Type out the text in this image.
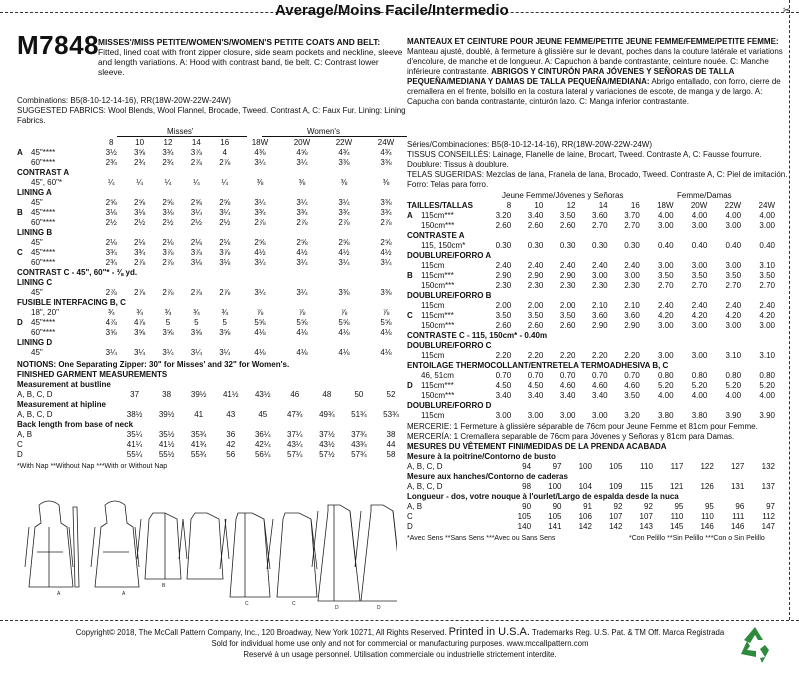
✂
Average/Moins Facile/Intermedio
M7848 MISSES'/MISS PETITE/WOMEN'S/WOMEN'S PETITE COATS AND BELT: Fitted, lined coat with front zipper closure, side seam pockets and neckline, sleeve and length variations. A: Hood with contrast band, tie belt. C: Contrast lower sleeve.
Combinations: B5(8-10-12-14-16), RR(18W-20W-22W-24W)
SUGGESTED FABRICS: Wool Blends, Wool Flannel, Brocade, Tweed. Contrast A, C: Faux Fur. Lining: Lining Fabrics.
Misses'	Women's
		8	10	12	14	16	18W	20W	22W	24W
A	45"****	3½	3⅝	3¾	3⅞	4	4⅜	4⅝	4¾	4¾
	60"****	2¾	2¾	2¾	2⅞	2⅞	3¼	3¼	3⅜	3⅜
CONTRAST A										
	45", 60"*	¼	¼	¼	¼	¼	⅜	⅜	⅜	⅜
LINING A										
	45"	2⅝	2⅝	2⅝	2⅝	2⅝	3¼	3¼	3¼	3⅜
B	45"****	3⅛	3⅛	3⅛	3¼	3¼	3¾	3¾	3¾	3¾
	60"****	2½	2½	2½	2½	2½	2⅞	2⅞	2⅞	2⅞
LINING B										
	45"	2⅛	2⅛	2⅛	2⅛	2⅛	2⅝	2⅝	2⅝	2⅝
C	45"****	3¾	3¾	3⅞	3⅞	3⅞	4½	4½	4½	4½
	60"****	2¾	2⅞	2⅞	3⅛	3⅛	3¼	3¼	3¼	3¼
CONTRAST C - 45", 60"* - ⅜ yd.										
LINING C										
	45"	2⅞	2⅞	2⅞	2⅞	2⅞	3¼	3¼	3⅜	3⅜
FUSIBLE INTERFACING B, C										
	18", 20"	¾	¾	¾	¾	¾	⅞	⅞	⅞	⅞
D	45"****	4⅞	4⅞	5	5	5	5⅝	5⅝	5⅝	5⅝
	60"****	3⅝	3⅝	3⅝	3⅝	3⅝	4⅛	4⅛	4⅛	4⅛
LINING D										
	45"	3¼	3¼	3¼	3¼	3¼	4⅛	4⅛	4⅛	4⅛
NOTIONS: One Separating Zipper: 30" for Misses' and 32" for Women's.
FINISHED GARMENT MEASUREMENTS
Measurement at bustline										
A, B, C, D		37	38	39½	41½	43½	46	48	50	52
Measurement at hipline										
A, B, C, D		38½	39½	41	43	45	47¾	49¾	51¾	53¾
Back length from base of neck										
A, B		35¼	35½	35¾	36	36¼	37¼	37½	37¾	38
C		41¼	41½	41¾	42	42¼	43¼	43½	43¾	44
D		55¼	55½	55¾	56	56¼	57¼	57½	57¾	58
*With Nap **Without Nap ***With or Without Nap
MANTEAUX ET CEINTURE POUR JEUNE FEMME/PETITE JEUNE FEMME/FEMME/PETITE FEMME: Manteau ajusté, doublé, à fermeture à glissière sur le devant, poches dans la couture latérale et variations d'encolure, de manche et de longueur. A: Capuchon à bande contrastante, ceinture nouée. C: Manche inférieure contrastante. ABRIGOS Y CINTURÓN PARA JÓVENES Y SEÑORAS DE TALLA PEQUEÑA/MEDIANA Y DAMAS DE TALLA PEQUEÑA/MEDIANA: Abrigo entallado, con forro, cierre de cremallera en el frente, bolsillo en la costura lateral y variaciones de escote, de manga y de largo. A: Capucha con banda contrastante, cinturón lazo. C: Manga inferior contrastante.
Séries/Combinaciones: B5(8-10-12-14-16), RR(18W-20W-22W-24W)
TISSUS CONSEILLÉS: Lainage, Flanelle de laine, Brocart, Tweed. Contraste A, C: Fausse fourrure. Doublure: Tissus à doublure.
TELAS SUGERIDAS: Mezclas de lana, Franela de lana, Brocado, Tweed. Contraste A, C: Piel de imitación. Forro: Telas para forro.
Jeune Femme/Jóvenes y Señoras	Femme/Damas
TAILLES/TALLAS		8	10	12	14	16	18W	20W	22W	24W
A	115cm***	3.20	3.40	3.50	3.60	3.70	4.00	4.00	4.00	4.00
	150cm***	2.60	2.60	2.60	2.70	2.70	3.00	3.00	3.00	3.00
CONTRASTE A										
	115, 150cm*	0.30	0.30	0.30	0.30	0.30	0.40	0.40	0.40	0.40
DOUBLURE/FORRO A										
	115cm	2.40	2.40	2.40	2.40	2.40	3.00	3.00	3.00	3.10
B	115cm***	2.90	2.90	2.90	3.00	3.00	3.50	3.50	3.50	3.50
	150cm***	2.30	2.30	2.30	2.30	2.30	2.70	2.70	2.70	2.70
DOUBLURE/FORRO B										
	115cm	2.00	2.00	2.00	2.10	2.10	2.40	2.40	2.40	2.40
C	115cm***	3.50	3.50	3.50	3.60	3.60	4.20	4.20	4.20	4.20
	150cm***	2.60	2.60	2.60	2.90	2.90	3.00	3.00	3.00	3.00
CONTRASTE C - 115, 150cm* - 0.40m										
DOUBLURE/FORRO C										
	115cm	2.20	2.20	2.20	2.20	2.20	3.00	3.00	3.10	3.10
ENTOILAGE THERMOCOLLANT/ENTRETELA TERMOADHESIVA B, C										
	46, 51cm	0.70	0.70	0.70	0.70	0.70	0.80	0.80	0.80	0.80
D	115cm***	4.50	4.50	4.60	4.60	4.60	5.20	5.20	5.20	5.20
	150cm***	3.40	3.40	3.40	3.40	3.50	4.00	4.00	4.00	4.00
DOUBLURE/FORRO D										
	115cm	3.00	3.00	3.00	3.00	3.20	3.80	3.80	3.90	3.90
MERCERIE: 1 Fermeture à glissière séparable de 76cm pour Jeune Femme et 81cm pour Femme.
MERCERÍA: 1 Cremallera separable de 76cm para Jóvenes y Señoras y 81cm para Damas.
MESURES DU VÊTEMENT FINI/MEDIDAS DE LA PRENDA ACABADA
Mesure à la poitrine/Contorno de busto										
A, B, C, D		94	97	100	105	110	117	122	127	132
Mesure aux hanches/Contorno de caderas										
A, B, C, D		98	100	104	109	115	121	126	131	137
Longueur - dos, votre nouque à l'ourlet/Largo de espalda desde la nuca										
A, B		90	90	91	92	92	95	95	96	97
C		105	105	106	107	107	110	110	111	112
D		140	141	142	142	143	145	146	146	147
*Avec Sens **Sans Sens ***Avec ou Sans Sens	*Con Pelillo **Sin Pelillo ***Con o Sin Pelillo
A	A
B
C	C
D	D
Copyright© 2018, The McCall Pattern Company, Inc., 120 Broadway, New York 10271, All Rights Reserved. Printed in U.S.A. Trademarks Reg. U.S. Pat. & TM Off. Marca Registrada
Sold for individual home use only and not for commercial or manufacturing purposes. www.mccallpattern.com
Reservé à un usage personnel. Utilisation commerciale ou industrielle strictement interdite.
